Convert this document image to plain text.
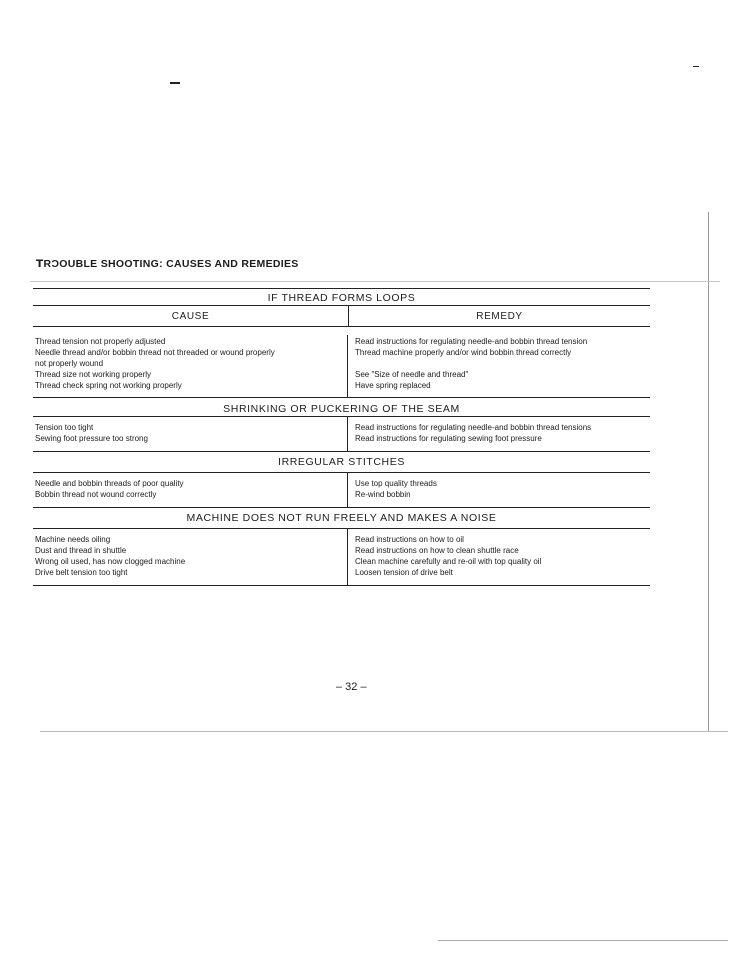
ꓔRƆOUBLE SHOOTING: CAUSES AND REMEDIES
IF THREAD FORMS LOOPS
CAUSE	REMEDY
Thread tension not properly adjusted
Needle thread and/or bobbin thread not threaded or wound properly
not properly wound
Thread size not working properly
Thread check spring not working properly
Read instructions for regulating needle-and bobbin thread tension
Thread machine properly and/or wind bobbin thread correctly
See "Size of needle and thread"
Have spring replaced
SHRINKING OR PUCKERING OF THE SEAM
Tension too tight
Sewing foot pressure too strong
Read instructions for regulating needle-and bobbin thread tensions
Read instructions for regulating sewing foot pressure
IRREGULAR STITCHES
Needle and bobbin threads of poor quality
Bobbin thread not wound correctly
Use top quality threads
Re-wind bobbin
MACHINE DOES NOT RUN FREELY AND MAKES A NOISE
Machine needs oiling
Dust and thread in shuttle
Wrong oil used, has now clogged machine
Drive belt tension too tight
Read instructions on how to oil
Read instructions on how to clean shuttle race
Clean machine carefully and re-oil with top quality oil
Loosen tension of drive belt
– 32 –
